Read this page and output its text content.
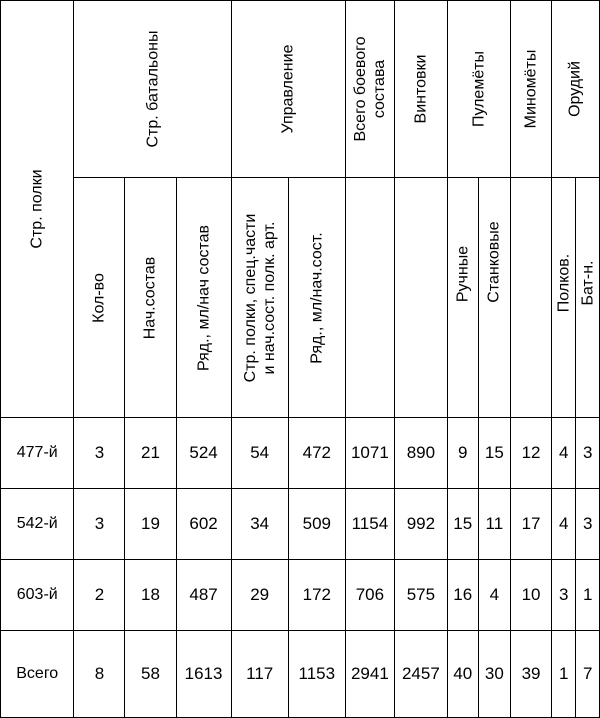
Стр. полки	Стр. батальоны			Управление		Всего боевого состава	Винтовки	Пулемёты		Миномёты	Орудий	

	Кол-во	Нач.состав	Ряд., мл/нач состав	Стр. полки, спец.части и нач.сост. полк. арт.	Ряд., мл/нач.сост.			Ручные	Станковые		Полков.	Бат-н.

477-й	3	21	524	54	472	1071	890	9	15	12	4	3
542-й	3	19	602	34	509	1154	992	15	11	17	4	3
603-й	2	18	487	29	172	706	575	16	4	10	3	1
Всего	8	58	1613	117	1153	2941	2457	40	30	39	1	7
